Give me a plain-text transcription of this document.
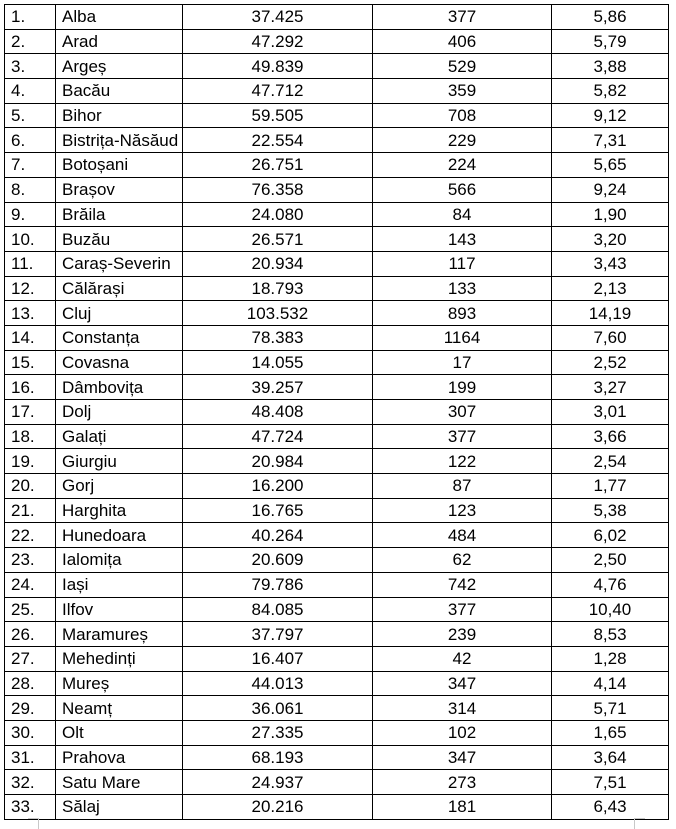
1.	Alba	37.425	377	5,86
2.	Arad	47.292	406	5,79
3.	Argeș	49.839	529	3,88
4.	Bacău	47.712	359	5,82
5.	Bihor	59.505	708	9,12
6.	Bistrița-Năsăud	22.554	229	7,31
7.	Botoșani	26.751	224	5,65
8.	Brașov	76.358	566	9,24
9.	Brăila	24.080	84	1,90
10.	Buzău	26.571	143	3,20
11.	Caraș-Severin	20.934	117	3,43
12.	Călărași	18.793	133	2,13
13.	Cluj	103.532	893	14,19
14.	Constanța	78.383	1164	7,60
15.	Covasna	14.055	17	2,52
16.	Dâmbovița	39.257	199	3,27
17.	Dolj	48.408	307	3,01
18.	Galați	47.724	377	3,66
19.	Giurgiu	20.984	122	2,54
20.	Gorj	16.200	87	1,77
21.	Harghita	16.765	123	5,38
22.	Hunedoara	40.264	484	6,02
23.	Ialomița	20.609	62	2,50
24.	Iași	79.786	742	4,76
25.	Ilfov	84.085	377	10,40
26.	Maramureș	37.797	239	8,53
27.	Mehedinți	16.407	42	1,28
28.	Mureș	44.013	347	4,14
29.	Neamț	36.061	314	5,71
30.	Olt	27.335	102	1,65
31.	Prahova	68.193	347	3,64
32.	Satu Mare	24.937	273	7,51
33.	Sălaj	20.216	181	6,43
